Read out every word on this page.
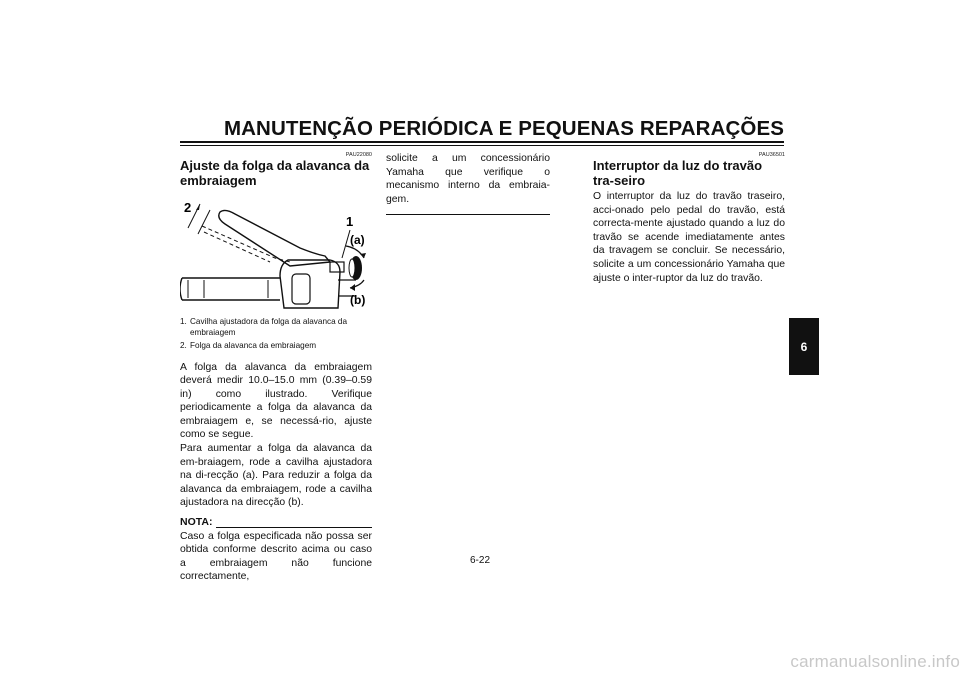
MANUTENÇÃO PERIÓDICA E PEQUENAS REPARAÇÕES
PAU22080
Ajuste da folga da alavanca da embraiagem
2
1
(a)
(b)
1. Cavilha ajustadora da folga da alavanca da embraiagem
2. Folga da alavanca da embraiagem

A folga da alavanca da embraiagem deverá medir 10.0–15.0 mm (0.39–0.59 in) como ilustrado. Verifique periodicamente a folga da alavanca da embraiagem e, se necessá-rio, ajuste como se segue.

Para aumentar a folga da alavanca da em-braiagem, rode a cavilha ajustadora na di-recção (a). Para reduzir a folga da alavanca da embraiagem, rode a cavilha ajustadora na direcção (b).

NOTA:

Caso a folga especificada não possa ser obtida conforme descrito acima ou caso a embraiagem não funcione correctamente,

solicite a um concessionário Yamaha que verifique o mecanismo interno da embraia-gem.

PAU36501
Interruptor da luz do travão tra-seiro

O interruptor da luz do travão traseiro, acci-onado pelo pedal do travão, está correcta-mente ajustado quando a luz do travão se acende imediatamente antes da travagem se concluir. Se necessário, solicite a um concessionário Yamaha que ajuste o inter-ruptor da luz do travão.

6
6-22
carmanualsonline.info
